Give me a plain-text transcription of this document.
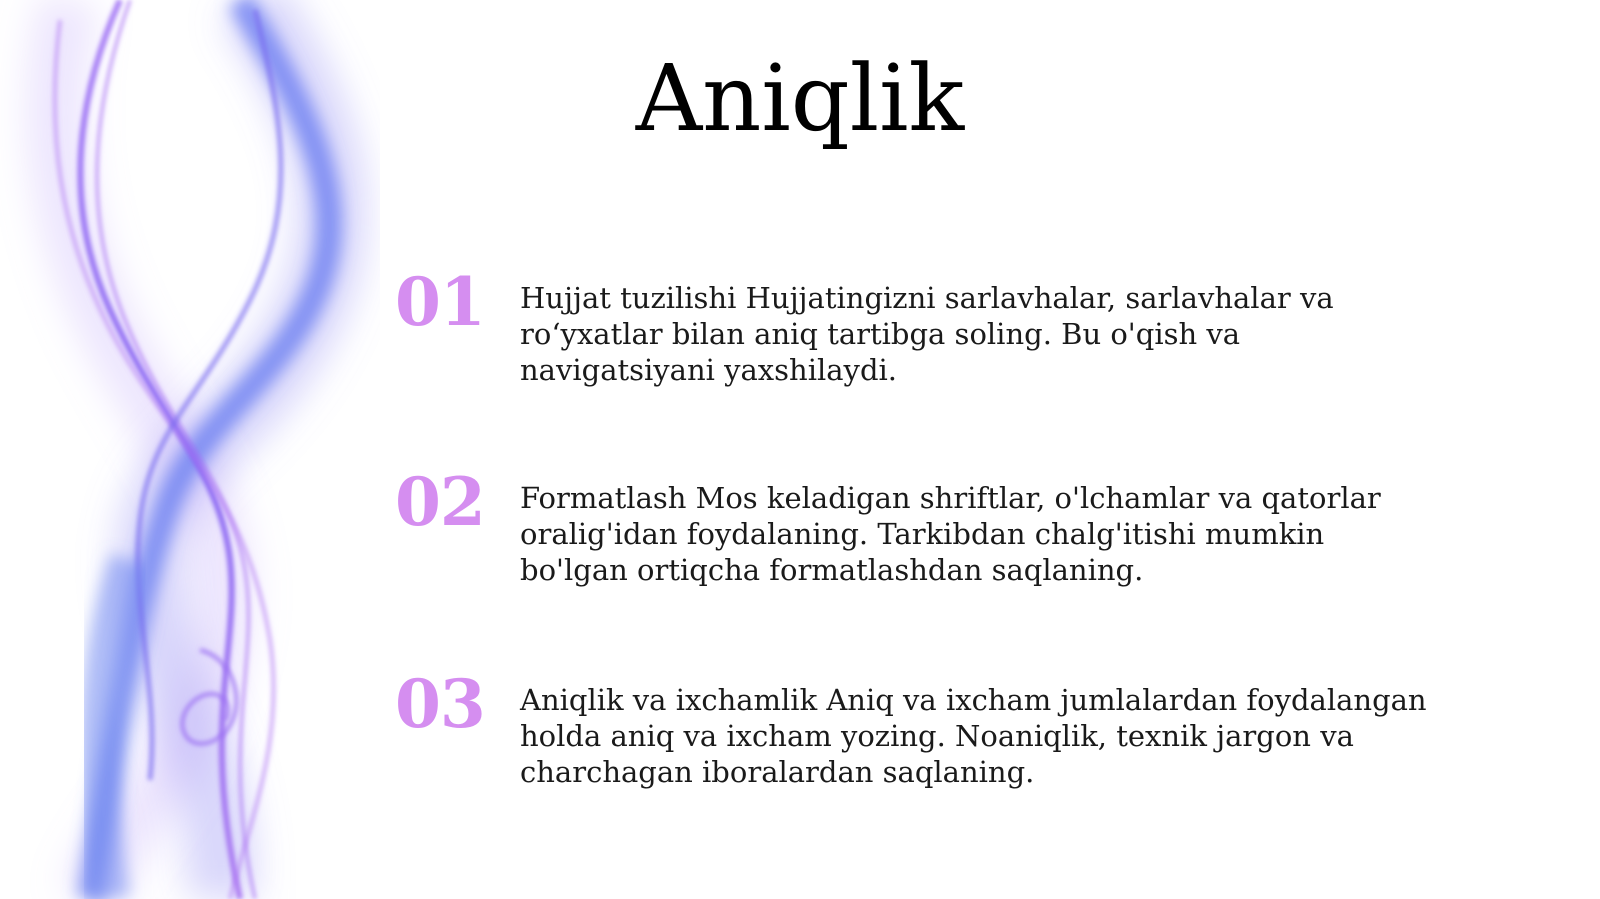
Aniqlik
01 Hujjat tuzilishi Hujjatingizni sarlavhalar, sarlavhalar va ro‘yxatlar bilan aniq tartibga soling. Bu o'qish va navigatsiyani yaxshilaydi.
02 Formatlash Mos keladigan shriftlar, o'lchamlar va qatorlar oralig'idan foydalaning. Tarkibdan chalg'itishi mumkin bo'lgan ortiqcha formatlashdan saqlaning.
03 Aniqlik va ixchamlik Aniq va ixcham jumlalardan foydalangan holda aniq va ixcham yozing. Noaniqlik, texnik jargon va charchagan iboralardan saqlaning.
